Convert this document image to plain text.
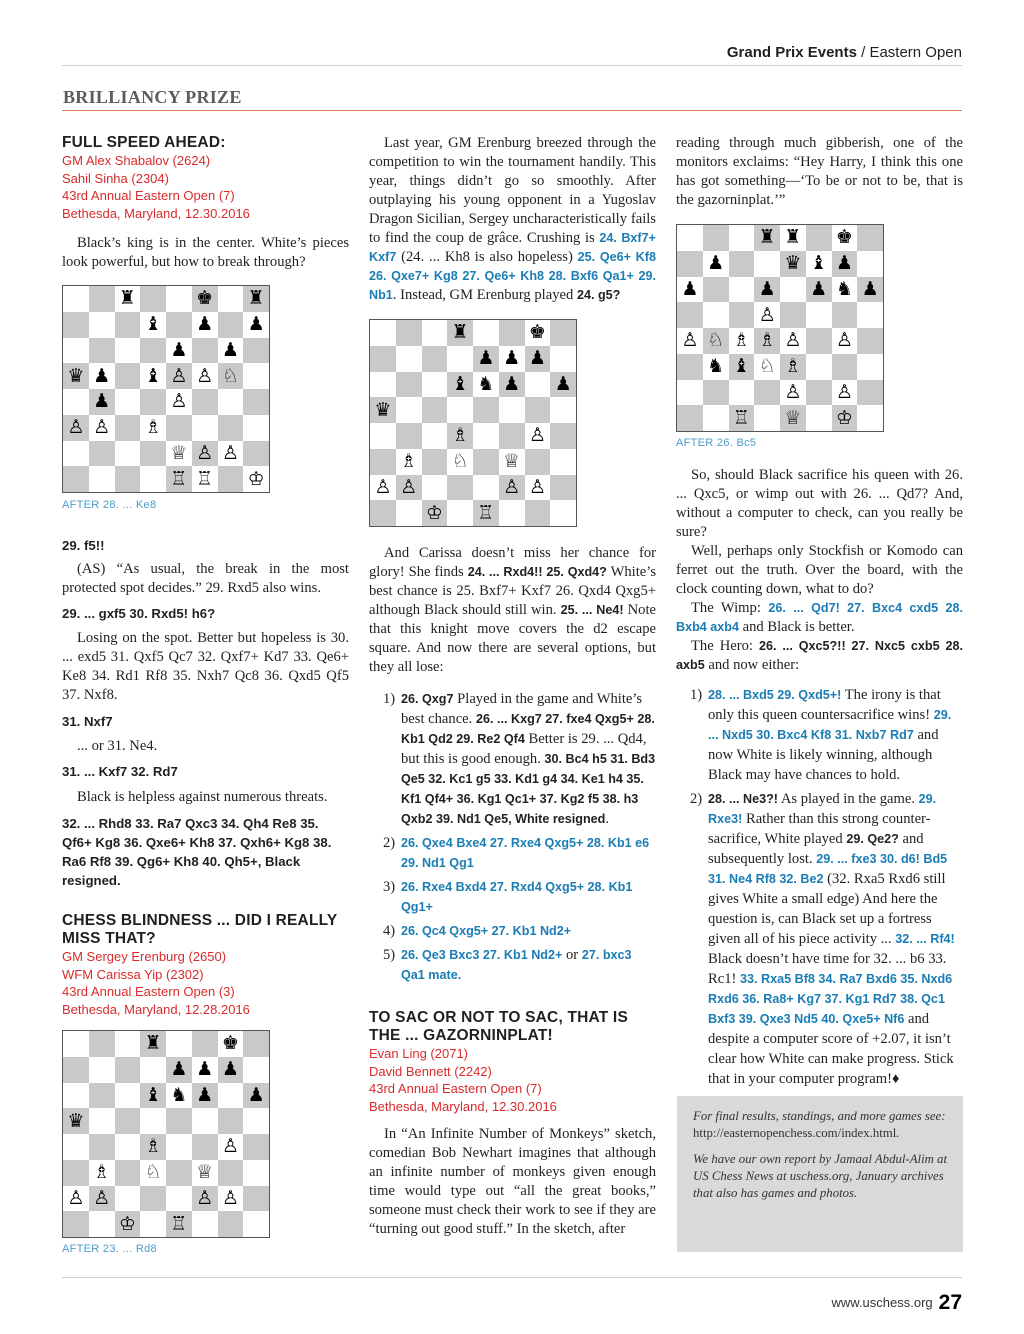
Grand Prix Events / Eastern Open
BRILLIANCY PRIZE
FULL SPEED AHEAD:
GM Alex Shabalov (2624)
Sahil Sinha (2304)
43rd Annual Eastern Open (7)
Bethesda, Maryland, 12.30.2016

Black’s king is in the center. White’s pieces look powerful, but how to break through?

♜	♚ ♜
♝ ♟ ♟
♟ ♟
♛ ♟ ♝ ♙ ♙ ♘
♟	♙
♙ ♙ ♗
♕ ♙ ♙
♖ ♖ ♔
AFTER 28. ... Ke8
29. f5!!

(AS) “As usual, the break in the most protected spot decides.” 29. Rxd5 also wins.

29. ... gxf5 30. Rxd5! h6?

Losing on the spot. Better but hopeless is 30. ... exd5 31. Qxf5 Qc7 32. Qxf7+ Kd7 33. Qe6+ Ke8 34. Rd1 Rf8 35. Nxh7 Qc8 36. Qxd5 Qf5 37. Nxf8.

31. Nxf7

... or 31. Ne4.

31. ... Kxf7 32. Rd7

Black is helpless against numerous threats.

32. ... Rhd8 33. Ra7 Qxc3 34. Qh4 Re8 35. Qf6+ Kg8 36. Qxe6+ Kh8 37. Qxh6+ Kg8 38. Ra6 Rf8 39. Qg6+ Kh8 40. Qh5+, Black resigned.
CHESS BLINDNESS ... DID I REALLY MISS THAT?
GM Sergey Erenburg (2650)
WFM Carissa Yip (2302)
43rd Annual Eastern Open (3)
Bethesda, Maryland, 12.28.2016
♜	♚
♟ ♟ ♟
♝ ♞ ♟ ♟
♛
♗	♙
♗ ♘ ♕
♙ ♙	♙ ♙
♔ ♖
AFTER 23. ... Rd8

Last year, GM Erenburg breezed through the competition to win the tournament handily. This year, things didn’t go so smoothly. After outplaying his young opponent in a Yugoslav Dragon Sicilian, Sergey uncharacteristically fails to find the coup de grâce. Crushing is 24. Bxf7+ Kxf7 (24. ... Kh8 is also hopeless) 25. Qe6+ Kf8 26. Qxe7+ Kg8 27. Qe6+ Kh8 28. Bxf6 Qa1+ 29. Nb1. Instead, GM Erenburg played 24. g5?

♜	♚
♟ ♟ ♟
♝ ♞ ♟ ♟
♛
♗	♙
♗ ♘ ♕
♙ ♙	♙ ♙
♔ ♖

And Carissa doesn’t miss her chance for glory! She finds 24. ... Rxd4!! 25. Qxd4? White’s best chance is 25. Bxf7+ Kxf7 26. Qxd4 Qxg5+ although Black should still win. 25. ... Ne4! Note that this knight move covers the d2 escape square. And now there are several options, but they all lose:

1) 26. Qxg7 Played in the game and White’s best chance. 26. ... Kxg7 27. fxe4 Qxg5+ 28. Kb1 Qd2 29. Re2 Qf4 Better is 29. ... Qd4, but this is good enough. 30. Bc4 h5 31. Bd3 Qe5 32. Kc1 g5 33. Kd1 g4 34. Ke1 h4 35. Kf1 Qf4+ 36. Kg1 Qc1+ 37. Kg2 f5 38. h3 Qxb2 39. Nd1 Qe5, White resigned.
2) 26. Qxe4 Bxe4 27. Rxe4 Qxg5+ 28. Kb1 e6 29. Nd1 Qg1
3) 26. Rxe4 Bxd4 27. Rxd4 Qxg5+ 28. Kb1 Qg1+
4) 26. Qc4 Qxg5+ 27. Kb1 Nd2+
5) 26. Qe3 Bxc3 27. Kb1 Nd2+ or 27. bxc3 Qa1 mate.
TO SAC OR NOT TO SAC, THAT IS THE ... GAZORNINPLAT!
Evan Ling (2071)
David Bennett (2242)
43rd Annual Eastern Open (7)
Bethesda, Maryland, 12.30.2016

In “An Infinite Number of Monkeys” sketch, comedian Bob Newhart imagines that although an infinite number of monkeys given enough time would type out “all the great books,” someone must check their work to see if they are “turning out good stuff.” In the sketch, after

reading through much gibberish, one of the monitors exclaims: “Hey Harry, I think this one has got something—‘To be or not to be, that is the gazorninplat.’”

♜ ♜ ♚
♟	♛ ♝ ♟
♟	♟ ♟ ♞ ♟
♙
♙ ♘ ♗ ♗ ♙ ♙
♞ ♝ ♘ ♗
♙ ♙
♖ ♕ ♔
AFTER 26. Bc5

So, should Black sacrifice his queen with 26. ... Qxc5, or wimp out with 26. ... Qd7? And, without a computer to check, can you really be sure?

Well, perhaps only Stockfish or Komodo can ferret out the truth. Over the board, with the clock counting down, what to do?

The Wimp: 26. ... Qd7! 27. Bxc4 cxd5 28. Bxb4 axb4 and Black is better.

The Hero: 26. ... Qxc5?!! 27. Nxc5 cxb5 28. axb5 and now either:

1) 28. ... Bxd5 29. Qxd5+! The irony is that only this queen countersacrifice wins! 29. ... Nxd5 30. Bxc4 Kf8 31. Nxb7 Rd7 and now White is likely winning, although Black may have chances to hold.
2) 28. ... Ne3?! As played in the game. 29. Rxe3! Rather than this strong counter-sacrifice, White played 29. Qe2? and subsequently lost. 29. ... fxe3 30. d6! Bd5 31. Ne4 Rf8 32. Be2 (32. Rxa5 Rxd6 still gives White a small edge) And here the question is, can Black set up a fortress given all of his piece activity ... 32. ... Rf4! Black doesn’t have time for 32. ... b6 33. Rc1! 33. Rxa5 Bf8 34. Ra7 Bxd6 35. Nxd6 Rxd6 36. Ra8+ Kg7 37. Kg1 Rd7 38. Qc1 Bxf3 39. Qxe3 Nd5 40. Qxe5+ Nf6 and despite a computer score of +2.07, it isn’t clear how White can make progress. Stick that in your computer program!♦
For final results, standings, and more games see: http://easternopenchess.com/index.html.
We have our own report by Jamaal Abdul-Alim at US Chess News at uschess.org, January archives that also has games and photos.
www.uschess.org 27
